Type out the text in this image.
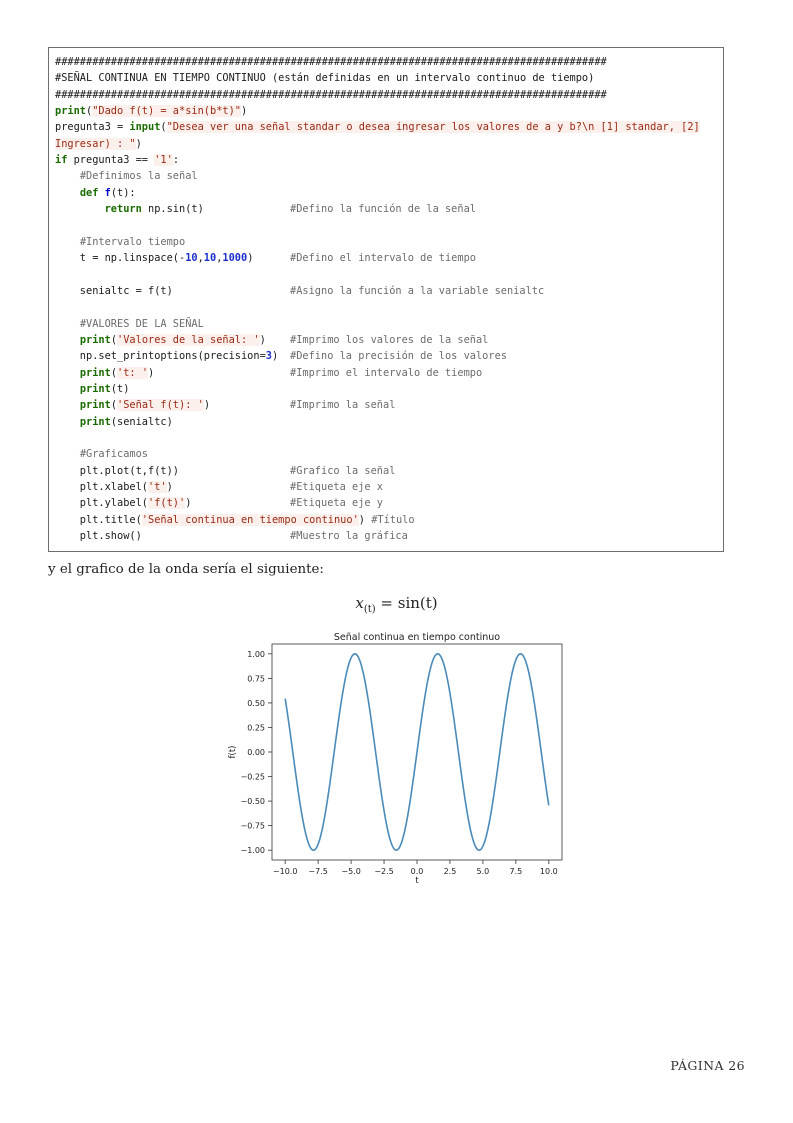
#########################################################################################
#SEÑAL CONTINUA EN TIEMPO CONTINUO (están definidas en un intervalo continuo de tiempo)
#########################################################################################
print("Dado f(t) = a*sin(b*t)")
pregunta3 = input("Desea ver una señal standar o desea ingresar los valores de a y b?\n [1] standar, [2]
Ingresar) : ")
if pregunta3 == '1':
#Definimos la señal
def f(t):
return np.sin(t)	#Defino la función de la señal

#Intervalo tiempo
t = np.linspace(-10,10,1000)	#Defino el intervalo de tiempo

senialtc = f(t)	#Asigno la función a la variable senialtc

#VALORES DE LA SEÑAL
print('Valores de la señal: ') #Imprimo los valores de la señal
np.set_printoptions(precision=3) #Defino la precisión de los valores
print('t: ')	#Imprimo el intervalo de tiempo
print(t)
print('Señal f(t): ')	#Imprimo la señal
print(senialtc)

#Graficamos
plt.plot(t,f(t))	#Grafico la señal
plt.xlabel('t')	#Etiqueta eje x
plt.ylabel('f(t)')	#Etiqueta eje y
plt.title('Señal continua en tiempo continuo') #Título
plt.show()	#Muestro la gráfica
y el grafico de la onda sería el siguiente:
$x_{(t)} = \sin(t)$
Señal continua en tiempo continuo
1.00
0.75
0.50
0.25
0.00
−0.25
−0.50
−0.75
−1.00
−10.0 −7.5 −5.0 −2.5 0.0	2.5	5.0	7.5 10.0
t
f(t)
PÁGINA 26
